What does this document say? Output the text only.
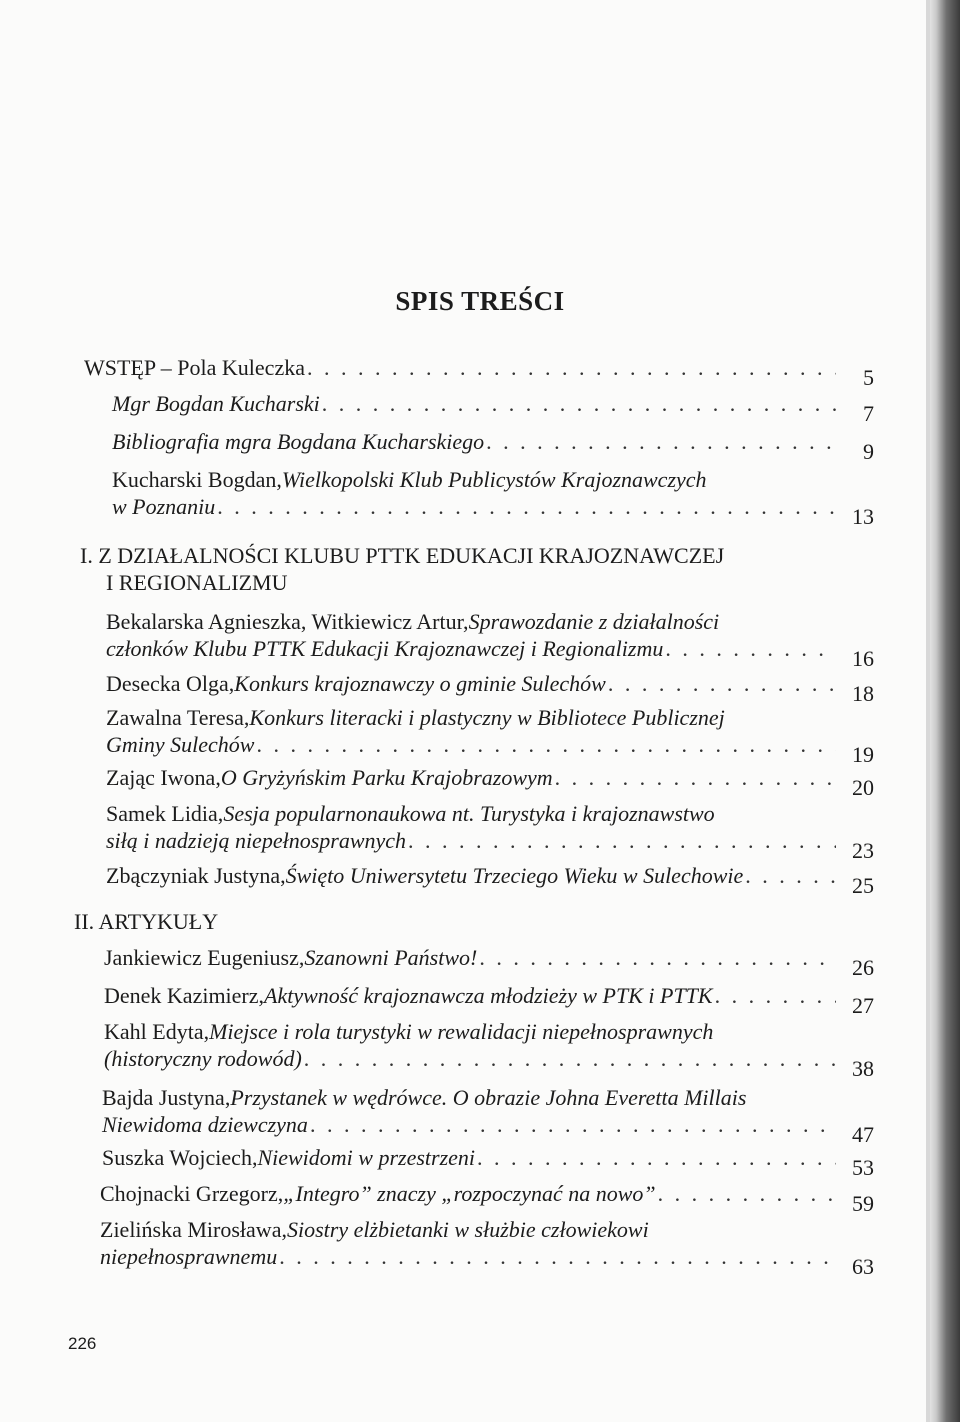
SPIS TREŚCI
WSTĘP – Pola Kuleczka . . .	5
Mgr Bogdan Kucharski . . .	7
Bibliografia mgra Bogdana Kucharskiego . . .	9
Kucharski Bogdan, Wielkopolski Klub Publicystów Krajoznawczych
w Poznaniu . . .	13
I. Z DZIAŁALNOŚCI KLUBU PTTK EDUKACJI KRAJOZNAWCZEJ
I REGIONALIZMU
Bekalarska Agnieszka, Witkiewicz Artur, Sprawozdanie z działalności
członków Klubu PTTK Edukacji Krajoznawczej i Regionalizmu . . .	16
Desecka Olga, Konkurs krajoznawczy o gminie Sulechów . . .	18
Zawalna Teresa, Konkurs literacki i plastyczny w Bibliotece Publicznej
Gminy Sulechów . . .	19
Zając Iwona, O Gryżyńskim Parku Krajobrazowym . . .	20
Samek Lidia, Sesja popularnonaukowa nt. Turystyka i krajoznawstwo
siłą i nadzieją niepełnosprawnych . . .	23
Zbączyniak Justyna, Święto Uniwersytetu Trzeciego Wieku w Sulechowie . . .	25
II. ARTYKUŁY
Jankiewicz Eugeniusz, Szanowni Państwo! . . .	26
Denek Kazimierz, Aktywność krajoznawcza młodzieży w PTK i PTTK . . .	27
Kahl Edyta, Miejsce i rola turystyki w rewalidacji niepełnosprawnych
(historyczny rodowód) . . .	38
Bajda Justyna, Przystanek w wędrówce. O obrazie Johna Everetta Millais
Niewidoma dziewczyna . . .	47
Suszka Wojciech, Niewidomi w przestrzeni . . .	53
Chojnacki Grzegorz, „Integro” znaczy „rozpoczynać na nowo” . . .	59
Zielińska Mirosława, Siostry elżbietanki w służbie człowiekowi
niepełnosprawnemu . . .	63
226
